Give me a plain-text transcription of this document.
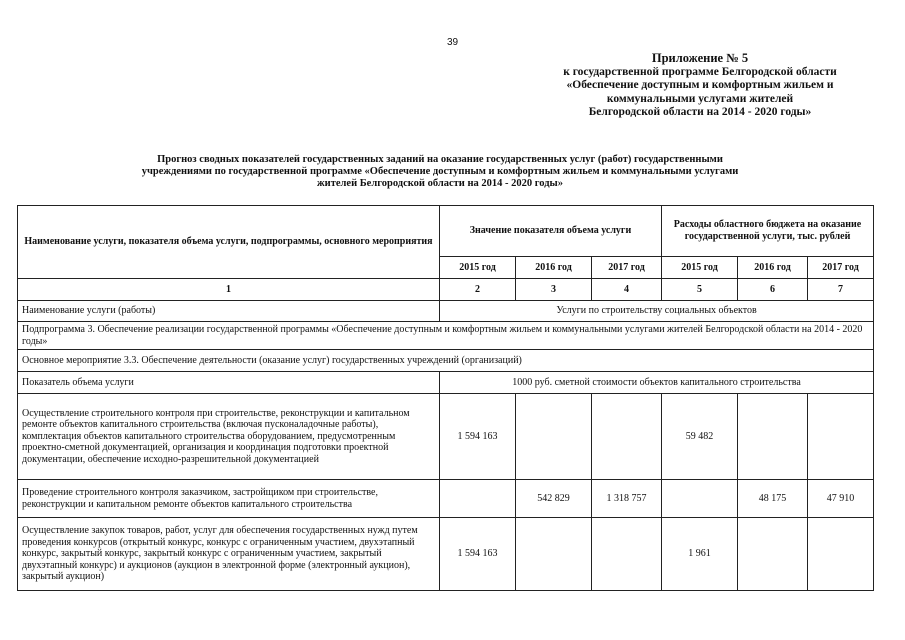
39
Приложение № 5
к государственной программе Белгородской области
«Обеспечение доступным и комфортным жильем и
коммунальными услугами жителей
Белгородской области на 2014 - 2020 годы»
Прогноз сводных показателей государственных заданий на оказание государственных услуг (работ) государственными
учреждениями по государственной программе «Обеспечение доступным и комфортным жильем и коммунальными услугами
жителей Белгородской области на 2014 - 2020 годы»
Наименование услуги, показателя объема услуги, подпрограммы, основного мероприятия	Значение показателя объема услуги			Расходы областного бюджета на оказание государственной услуги, тыс. рублей		
	2015 год	2016 год	2017 год	2015 год	2016 год	2017 год
1	2	3	4	5	6	7
Наименование услуги (работы)	Услуги по строительству социальных объектов					
Подпрограмма 3. Обеспечение реализации государственной программы «Обеспечение доступным и комфортным жильем и коммунальными услугами жителей Белгородской области на 2014 - 2020 годы»						
Основное мероприятие 3.3. Обеспечение деятельности (оказание услуг) государственных учреждений (организаций)						
Показатель объема услуги	1000 руб. сметной стоимости объектов капитального строительства					
Осуществление строительного контроля при строительстве, реконструкции и капитальном ремонте объектов капитального строительства (включая пусконаладочные работы), комплектация объектов капитального строительства оборудованием, предусмотренным проектно-сметной документацией, организация и координация подготовки проектной документации, обеспечение исходно-разрешительной документацией	1 594 163			59 482		
Проведение строительного контроля заказчиком, застройщиком при строительстве, реконструкции и капитальном ремонте объектов капитального строительства		542 829	1 318 757		48 175	47 910
Осуществление закупок товаров, работ, услуг для обеспечения государственных нужд путем проведения конкурсов (открытый конкурс, конкурс с ограниченным участием, двухэтапный конкурс, закрытый конкурс, закрытый конкурс с ограниченным участием, закрытый двухэтапный конкурс) и аукционов (аукцион в электронной форме (электронный аукцион), закрытый аукцион)	1 594 163			1 961		
